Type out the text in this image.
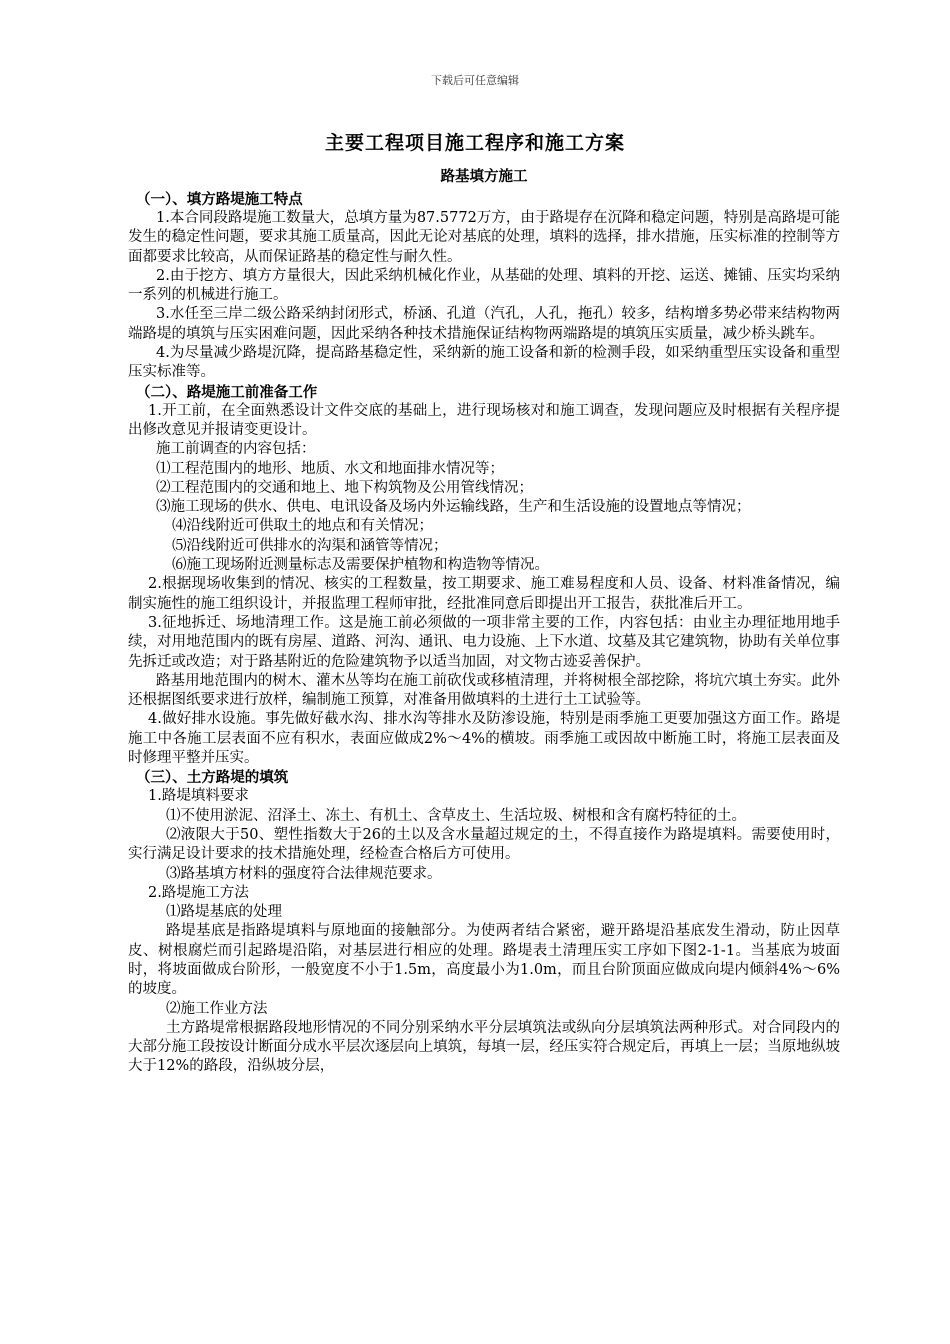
下载后可任意编辑
主要工程项目施工程序和施工方案
路基填方施工
（一）、填方路堤施工特点
1.本合同段路堤施工数量大，总填方量为87.5772万方，由于路堤存在沉降和稳定问题，特别是高路堤可能发生的稳定性问题，要求其施工质量高，因此无论对基底的处理，填料的选择，排水措施，压实标准的控制等方面都要求比较高，从而保证路基的稳定性与耐久性。
2.由于挖方、填方方量很大，因此采纳机械化作业，从基础的处理、填料的开挖、运送、摊铺、压实均采纳一系列的机械进行施工。
3.水任至三岸二级公路采纳封闭形式，桥涵、孔道（汽孔，人孔，拖孔）较多，结构增多势必带来结构物两端路堤的填筑与压实困难问题，因此采纳各种技术措施保证结构物两端路堤的填筑压实质量，减少桥头跳车。
4.为尽量减少路堤沉降，提高路基稳定性，采纳新的施工设备和新的检测手段，如采纳重型压实设备和重型压实标准等。
（二）、路堤施工前准备工作
1.开工前，在全面熟悉设计文件交底的基础上，进行现场核对和施工调查，发现问题应及时根据有关程序提出修改意见并报请变更设计。
施工前调查的内容包括：
⑴工程范围内的地形、地质、水文和地面排水情况等；
⑵工程范围内的交通和地上、地下构筑物及公用管线情况；
⑶施工现场的供水、供电、电讯设备及场内外运输线路，生产和生活设施的设置地点等情况；
⑷沿线附近可供取土的地点和有关情况；
⑸沿线附近可供排水的沟渠和涵管等情况；
⑹施工现场附近测量标志及需要保护植物和构造物等情况。
2.根据现场收集到的情况、核实的工程数量，按工期要求、施工难易程度和人员、设备、材料准备情况，编制实施性的施工组织设计，并报监理工程师审批，经批准同意后即提出开工报告，获批准后开工。
3.征地拆迁、场地清理工作。这是施工前必须做的一项非常主要的工作，内容包括：由业主办理征地用地手续，对用地范围内的既有房屋、道路、河沟、通讯、电力设施、上下水道、坟墓及其它建筑物，协助有关单位事先拆迁或改造；对于路基附近的危险建筑物予以适当加固，对文物古迹妥善保护。
路基用地范围内的树木、灌木丛等均在施工前砍伐或移植清理，并将树根全部挖除，将坑穴填土夯实。此外还根据图纸要求进行放样，编制施工预算，对准备用做填料的土进行土工试验等。
4.做好排水设施。事先做好截水沟、排水沟等排水及防渗设施，特别是雨季施工更要加强这方面工作。路堤施工中各施工层表面不应有积水，表面应做成2%～4%的横坡。雨季施工或因故中断施工时，将施工层表面及时修理平整并压实。
（三）、土方路堤的填筑
1.路堤填料要求
⑴不使用淤泥、沼泽土、冻土、有机土、含草皮土、生活垃圾、树根和含有腐朽特征的土。
⑵液限大于50、塑性指数大于26的土以及含水量超过规定的土，不得直接作为路堤填料。需要使用时，实行满足设计要求的技术措施处理，经检查合格后方可使用。
⑶路基填方材料的强度符合法律规范要求。
2.路堤施工方法
⑴路堤基底的处理
路堤基底是指路堤填料与原地面的接触部分。为使两者结合紧密，避开路堤沿基底发生滑动，防止因草皮、树根腐烂而引起路堤沿陷，对基层进行相应的处理。路堤表土清理压实工序如下图2-1-1。当基底为坡面时，将坡面做成台阶形，一般宽度不小于1.5m，高度最小为1.0m，而且台阶顶面应做成向堤内倾斜4%～6%的坡度。
⑵施工作业方法
土方路堤常根据路段地形情况的不同分别采纳水平分层填筑法或纵向分层填筑法两种形式。对合同段内的大部分施工段按设计断面分成水平层次逐层向上填筑，每填一层，经压实符合规定后，再填上一层；当原地纵坡大于12%的路段，沿纵坡分层，
